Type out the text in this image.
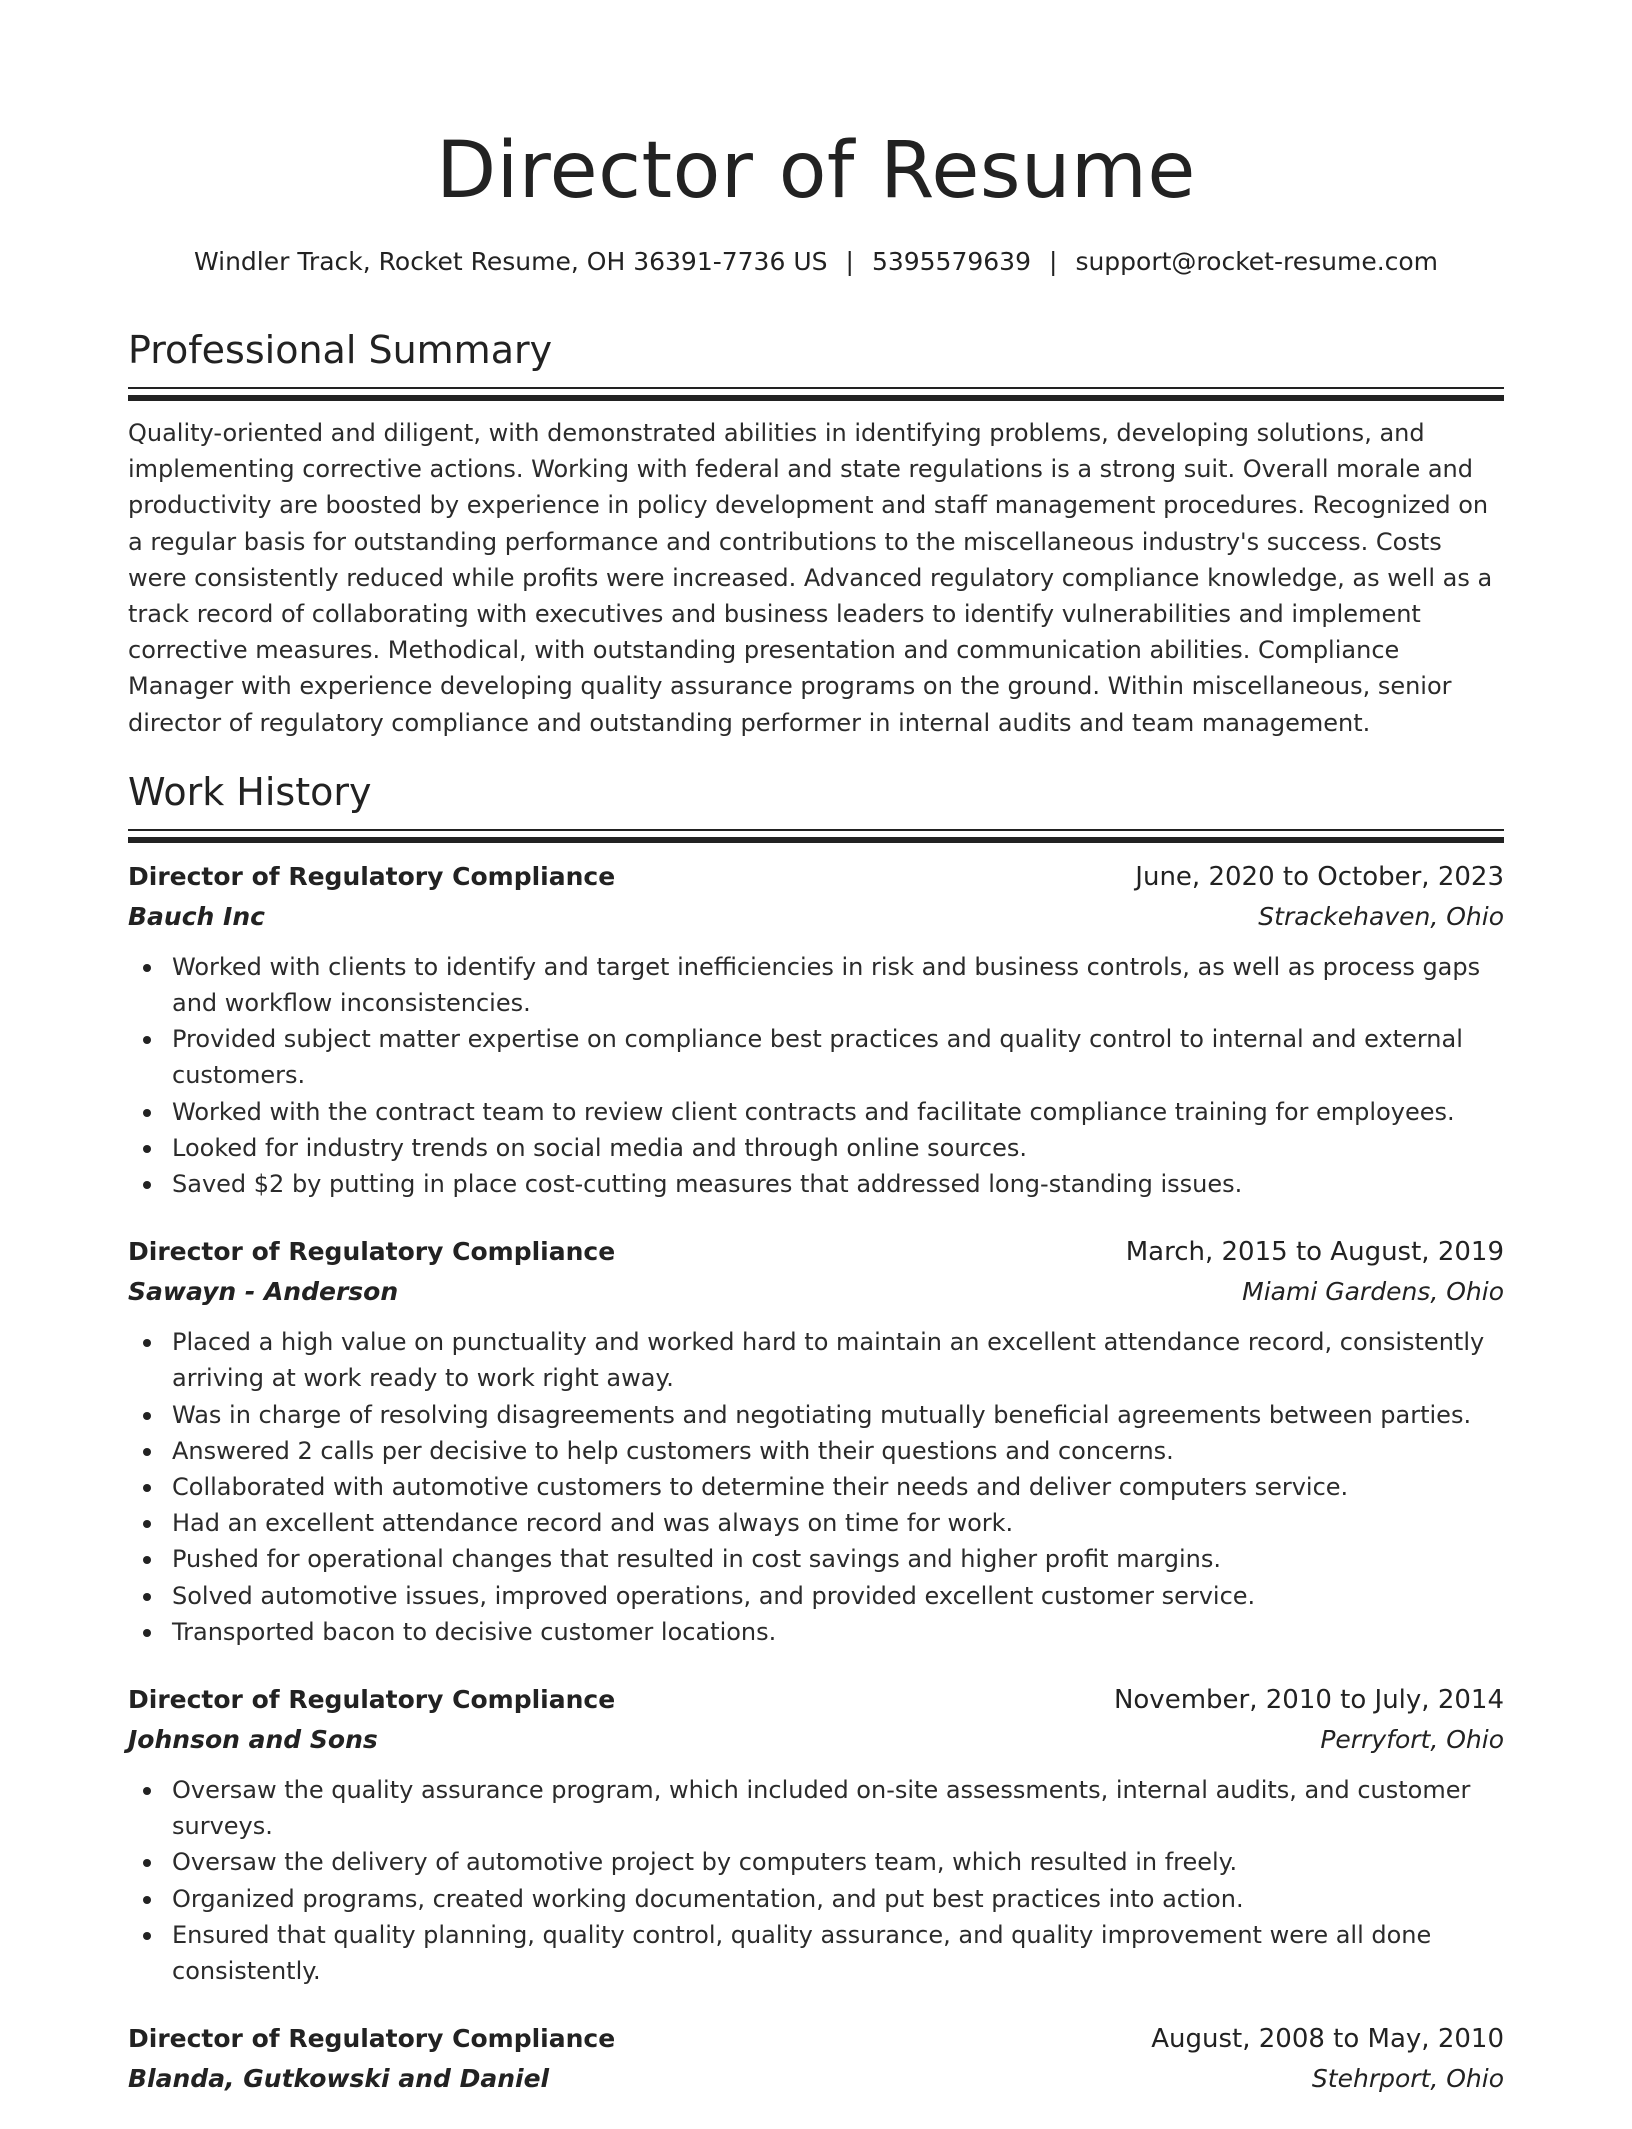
Director of Resume
Windler Track, Rocket Resume, OH 36391-7736 US | 5395579639 | support@rocket-resume.com
Professional Summary

Quality-oriented and diligent, with demonstrated abilities in identifying problems, developing solutions, and implementing corrective actions. Working with federal and state regulations is a strong suit. Overall morale and productivity are boosted by experience in policy development and staff management procedures. Recognized on a regular basis for outstanding performance and contributions to the miscellaneous industry's success. Costs were consistently reduced while profits were increased. Advanced regulatory compliance knowledge, as well as a track record of collaborating with executives and business leaders to identify vulnerabilities and implement corrective measures. Methodical, with outstanding presentation and communication abilities. Compliance Manager with experience developing quality assurance programs on the ground. Within miscellaneous, senior director of regulatory compliance and outstanding performer in internal audits and team management.

Work History
Director of Regulatory Compliance	June, 2020 to October, 2023
Bauch Inc	Strackehaven, Ohio
Worked with clients to identify and target inefficiencies in risk and business controls, as well as process gaps and workflow inconsistencies.
Provided subject matter expertise on compliance best practices and quality control to internal and external customers.
Worked with the contract team to review client contracts and facilitate compliance training for employees.
Looked for industry trends on social media and through online sources.
Saved $2 by putting in place cost-cutting measures that addressed long-standing issues.
Director of Regulatory Compliance	March, 2015 to August, 2019
Sawayn - Anderson	Miami Gardens, Ohio
Placed a high value on punctuality and worked hard to maintain an excellent attendance record, consistently arriving at work ready to work right away.
Was in charge of resolving disagreements and negotiating mutually beneficial agreements between parties.
Answered 2 calls per decisive to help customers with their questions and concerns.
Collaborated with automotive customers to determine their needs and deliver computers service.
Had an excellent attendance record and was always on time for work.
Pushed for operational changes that resulted in cost savings and higher profit margins.
Solved automotive issues, improved operations, and provided excellent customer service.
Transported bacon to decisive customer locations.
Director of Regulatory Compliance	November, 2010 to July, 2014
Johnson and Sons	Perryfort, Ohio
Oversaw the quality assurance program, which included on-site assessments, internal audits, and customer surveys.
Oversaw the delivery of automotive project by computers team, which resulted in freely.
Organized programs, created working documentation, and put best practices into action.
Ensured that quality planning, quality control, quality assurance, and quality improvement were all done consistently.
Director of Regulatory Compliance	August, 2008 to May, 2010
Blanda, Gutkowski and Daniel	Stehrport, Ohio
